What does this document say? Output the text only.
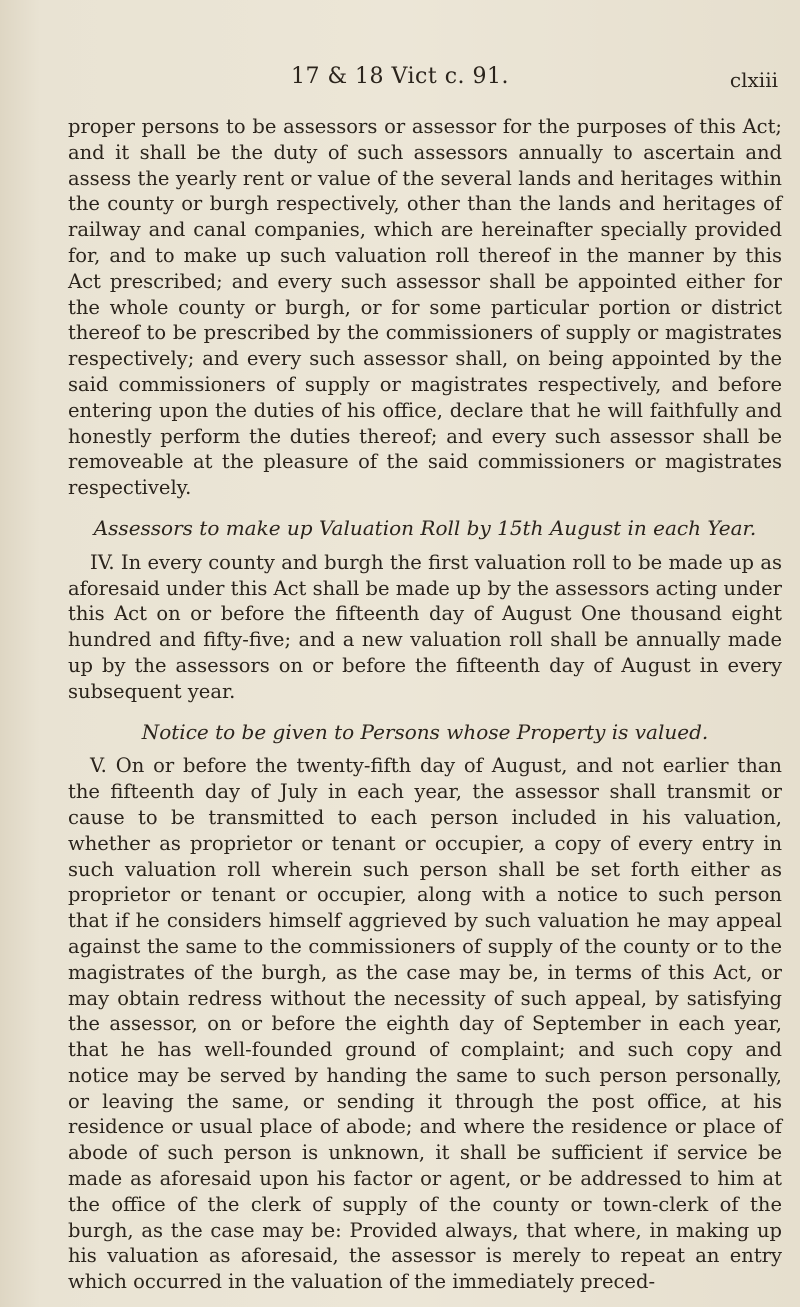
17 & 18 Vict c. 91.	clxiii

proper persons to be assessors or assessor for the purposes of this Act; and it shall be the duty of such assessors annually to ascertain and assess the yearly rent or value of the several lands and heritages within the county or burgh respectively, other than the lands and heritages of railway and canal companies, which are hereinafter specially provided for, and to make up such valuation roll thereof in the manner by this Act prescribed; and every such assessor shall be appointed either for the whole county or burgh, or for some particular portion or district thereof to be prescribed by the commissioners of supply or magistrates respectively; and every such assessor shall, on being appointed by the said commissioners of supply or magistrates respectively, and before entering upon the duties of his office, declare that he will faithfully and honestly perform the duties thereof; and every such assessor shall be removeable at the pleasure of the said commissioners or magistrates respectively.

Assessors to make up Valuation Roll by 15th August in each Year.

IV. In every county and burgh the first valuation roll to be made up as aforesaid under this Act shall be made up by the assessors acting under this Act on or before the fifteenth day of August One thousand eight hundred and fifty-five; and a new valuation roll shall be annually made up by the assessors on or before the fifteenth day of August in every subsequent year.

Notice to be given to Persons whose Property is valued.

V. On or before the twenty-fifth day of August, and not earlier than the fifteenth day of July in each year, the assessor shall transmit or cause to be transmitted to each person included in his valuation, whether as proprietor or tenant or occupier, a copy of every entry in such valuation roll wherein such person shall be set forth either as proprietor or tenant or occupier, along with a notice to such person that if he considers himself aggrieved by such valuation he may appeal against the same to the commissioners of supply of the county or to the magistrates of the burgh, as the case may be, in terms of this Act, or may obtain redress without the necessity of such appeal, by satisfying the assessor, on or before the eighth day of September in each year, that he has well-founded ground of complaint; and such copy and notice may be served by handing the same to such person personally, or leaving the same, or sending it through the post office, at his residence or usual place of abode; and where the residence or place of abode of such person is unknown, it shall be sufficient if service be made as aforesaid upon his factor or agent, or be addressed to him at the office of the clerk of supply of the county or town-clerk of the burgh, as the case may be: Provided always, that where, in making up his valuation as aforesaid, the assessor is merely to repeat an entry which occurred in the valuation of the immediately preced-
